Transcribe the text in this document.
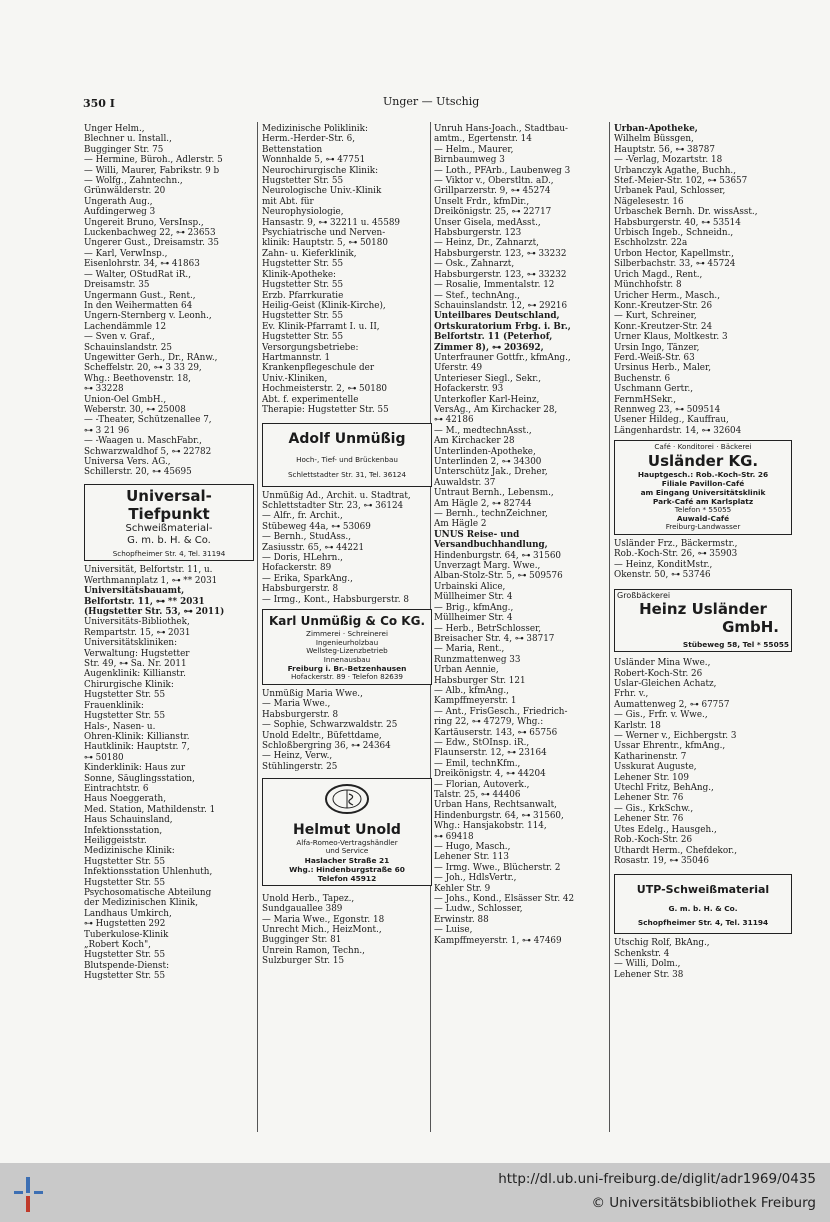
350 I	Unger — Utschig
Unger Helm.,
Blechner u. Install.,
Bugginger Str. 75
— Hermine, Büroh., Adlerstr. 5
— Willi, Maurer, Fabrikstr. 9 b
— Wolfg., Zahntechn.,
Grünwälderstr. 20
Ungerath Aug.,
Aufdingerweg 3
Ungereit Bruno, VersInsp.,
Luckenbachweg 22, ⊶ 23653
Ungerer Gust., Dreisamstr. 35
— Karl, VerwInsp.,
Eisenlohrstr. 34, ⊶ 41863
— Walter, OStudRat iR.,
Dreisamstr. 35
Ungermann Gust., Rent.,
In den Weihermatten 64
Ungern-Sternberg v. Leonh.,
Lachendämmle 12
— Sven v. Graf.,
Schauinslandstr. 25
Ungewitter Gerh., Dr., RAnw.,
Scheffelstr. 20, ⊶ 3 33 29,
Whg.: Beethovenstr. 18,
⊶ 33228
Union-Oel GmbH.,
Weberstr. 30, ⊶ 25008
— -Theater, Schützenallee 7,
⊶ 3 21 96
— -Waagen u. MaschFabr.,
Schwarzwaldhof 5, ⊶ 22782
Universa Vers. AG.,
Schillerstr. 20, ⊶ 45695
Universal-Tiefpunkt
Schweißmaterial-
G. m. b. H. & Co.
Schopfheimer Str. 4, Tel. 31194
Universität, Belfortstr. 11, u.
Werthmannplatz 1, ⊶ ** 2031
Universitätsbauamt,
Belfortstr. 11, ⊶ ** 2031
(Hugstetter Str. 53, ⊶ 2011)
Universitäts-Bibliothek,
Rempartstr. 15, ⊶ 2031
Universitätskliniken:
Verwaltung: Hugstetter
Str. 49, ⊶ Sa. Nr. 2011
Augenklinik: Killianstr.
Chirurgische Klinik:
Hugstetter Str. 55
Frauenklinik:
Hugstetter Str. 55
Hals-, Nasen- u.
Ohren-Klinik: Killianstr.
Hautklinik: Hauptstr. 7,
⊶ 50180
Kinderklinik: Haus zur
Sonne, Säuglingsstation,
Eintrachtstr. 6
Haus Noeggerath,
Med. Station, Mathildenstr. 1
Haus Schauinsland,
Infektionsstation,
Heiliggeiststr.
Medizinische Klinik:
Hugstetter Str. 55
Infektionsstation Uhlenhuth,
Hugstetter Str. 55
Psychosomatische Abteilung
der Medizinischen Klinik,
Landhaus Umkirch,
⊶ Hugstetten 292
Tuberkulose-Klinik
„Robert Koch",
Hugstetter Str. 55
Blutspende-Dienst:
Hugstetter Str. 55
Medizinische Poliklinik:
Herm.-Herder-Str. 6,
Bettenstation
Wonnhalde 5, ⊶ 47751
Neurochirurgische Klinik:
Hugstetter Str. 55
Neurologische Univ.-Klinik
mit Abt. für
Neurophysiologie,
Hansastr. 9, ⊶ 32211 u. 45589
Psychiatrische und Nerven-
klinik: Hauptstr. 5, ⊶ 50180
Zahn- u. Kieferklinik,
Hugstetter Str. 55
Klinik-Apotheke:
Hugstetter Str. 55
Erzb. Pfarrkuratie
Heilig-Geist (Klinik-Kirche),
Hugstetter Str. 55
Ev. Klinik-Pfarramt I. u. II,
Hugstetter Str. 55
Versorgungsbetriebe:
Hartmannstr. 1
Krankenpflegeschule der
Univ.-Kliniken,
Hochmeisterstr. 2, ⊶ 50180
Abt. f. experimentelle
Therapie: Hugstetter Str. 55
Adolf Unmüßig
Hoch-, Tief- und Brückenbau
Schlettstadter Str. 31, Tel. 36124
Unmüßig Ad., Archit. u. Stadtrat,
Schlettstadter Str. 23, ⊶ 36124
— Alfr., fr. Archit.,
Stübeweg 44a, ⊶ 53069
— Bernh., StudAss.,
Zasiusstr. 65, ⊶ 44221
— Doris, HLehrn.,
Hofackerstr. 89
— Erika, SparkAng.,
Habsburgerstr. 8
— Irmg., Kont., Habsburgerstr. 8
Karl Unmüßig & Co KG.
Zimmerei · Schreinerei
Ingenieurholzbau
Wellsteg-Lizenzbetrieb
Innenausbau
Freiburg i. Br.-Betzenhausen
Hofackerstr. 89 · Telefon 82639
Unmüßig Maria Wwe.,
— Maria Wwe.,
Habsburgerstr. 8
— Sophie, Schwarzwaldstr. 25
Unold Edeltr., Büfettdame,
Schloßbergring 36, ⊶ 24364
— Heinz, Verw.,
Stühlingerstr. 25
Helmut Unold
Alfa-Romeo-Vertragshändler
und Service
Haslacher Straße 21
Whg.: Hindenburgstraße 60
Telefon 45912
Unold Herb., Tapez.,
Sundgauallee 389
— Maria Wwe., Egonstr. 18
Unrecht Mich., HeizMont.,
Bugginger Str. 81
Unrein Ramon, Techn.,
Sulzburger Str. 15
Unruh Hans-Joach., Stadtbau-
amtm., Egertenstr. 14
— Helm., Maurer,
Birnbaumweg 3
— Loth., PFArb., Laubenweg 3
— Viktor v., Oberstltn. aD.,
Grillparzerstr. 9, ⊶ 45274
Unselt Frdr., kfmDir.,
Dreikönigstr. 25, ⊶ 22717
Unser Gisela, medAsst.,
Habsburgerstr. 123
— Heinz, Dr., Zahnarzt,
Habsburgerstr. 123, ⊶ 33232
— Osk., Zahnarzt,
Habsburgerstr. 123, ⊶ 33232
— Rosalie, Immentalstr. 12
— Stef., technAng.,
Schauinslandstr. 12, ⊶ 29216
Unteilbares Deutschland,
Ortskuratorium Frbg. i. Br.,
Belfortstr. 11 (Peterhof,
Zimmer 8), ⊶ 203692,
Unterfrauner Gottfr., kfmAng.,
Uferstr. 49
Unterieser Siegl., Sekr.,
Hofackerstr. 93
Unterkofler Karl-Heinz,
VersAg., Am Kirchacker 28,
⊶ 42186
— M., medtechnAsst.,
Am Kirchacker 28
Unterlinden-Apotheke,
Unterlinden 2, ⊶ 34300
Unterschütz Jak., Dreher,
Auwaldstr. 37
Untraut Bernh., Lebensm.,
Am Hägle 2, ⊶ 82744
— Bernh., technZeichner,
Am Hägle 2
UNUS Reise- und
Versandbuchhandlung,
Hindenburgstr. 64, ⊶ 31560
Unverzagt Marg. Wwe.,
Alban-Stolz-Str. 5, ⊶ 509576
Urbainski Alice,
Müllheimer Str. 4
— Brig., kfmAng.,
Müllheimer Str. 4
— Herb., BetrSchlosser,
Breisacher Str. 4, ⊶ 38717
— Maria, Rent.,
Runzmattenweg 33
Urban Aennie,
Habsburger Str. 121
— Alb., kfmAng.,
Kampffmeyerstr. 1
— Ant., FrisGesch., Friedrich-
ring 22, ⊶ 47279, Whg.:
Kartäuserstr. 143, ⊶ 65756
— Edw., StOInsp. iR.,
Flaunserstr. 12, ⊶ 23164
— Emil, technKfm.,
Dreikönigstr. 4, ⊶ 44204
— Florian, Autoverk.,
Talstr. 25, ⊶ 44406
Urban Hans, Rechtsanwalt,
Hindenburgstr. 64, ⊶ 31560,
Whg.: Hansjakobstr. 114,
⊶ 69418
— Hugo, Masch.,
Lehener Str. 113
— Irmg. Wwe., Blücherstr. 2
— Joh., HdlsVertr.,
Kehler Str. 9
— Johs., Kond., Elsässer Str. 42
— Ludw., Schlosser,
Erwinstr. 88
— Luise,
Kampffmeyerstr. 1, ⊶ 47469
Urban-Apotheke,
Wilhelm Büssgen,
Hauptstr. 56, ⊶ 38787
— -Verlag, Mozartstr. 18
Urbanczyk Agathe, Buchh.,
Stef.-Meier-Str. 102, ⊶ 53657
Urbanek Paul, Schlosser,
Nägelesestr. 16
Urbaschek Bernh. Dr. wissAsst.,
Habsburgerstr. 40, ⊶ 53514
Urbisch Ingeb., Schneidn.,
Eschholzstr. 22a
Urbon Hector, Kapellmstr.,
Silberbachstr. 33, ⊶ 45724
Urich Magd., Rent.,
Münchhofstr. 8
Uricher Herm., Masch.,
Konr.-Kreutzer-Str. 26
— Kurt, Schreiner,
Konr.-Kreutzer-Str. 24
Urner Klaus, Moltkestr. 3
Ursin Ingo, Tänzer,
Ferd.-Weiß-Str. 63
Ursinus Herb., Maler,
Buchenstr. 6
Uschmann Gertr.,
FernmHSekr.,
Rennweg 23, ⊶ 509514
Usener Hildeg., Kauffrau,
Längenhardstr. 14, ⊶ 32604
Café · Konditorei · Bäckerei
Usländer KG.
Hauptgesch.: Rob.-Koch-Str. 26
Filiale Pavillon-Café
am Eingang Universitätsklinik
Park-Café am Karlsplatz
Telefon * 55055
Auwald-Café
Freiburg-Landwasser
Usländer Frz., Bäckermstr.,
Rob.-Koch-Str. 26, ⊶ 35903
— Heinz, KonditMstr.,
Okenstr. 50, ⊶ 53746
Großbäckerei
Heinz Usländer
GmbH.
Stübeweg 58, Tel * 55055
Usländer Mina Wwe.,
Robert-Koch-Str. 26
Uslar-Gleichen Achatz,
Frhr. v.,
Aumattenweg 2, ⊶ 67757
— Gis., Frfr. v. Wwe.,
Karlstr. 18
— Werner v., Eichbergstr. 3
Ussar Ehrentr., kfmAng.,
Katharinenstr. 7
Usskurat Auguste,
Lehener Str. 109
Utechl Fritz, BehAng.,
Lehener Str. 76
— Gis., KrkSchw.,
Lehener Str. 76
Utes Edelg., Hausgeh.,
Rob.-Koch-Str. 26
Uthardt Herm., Chefdekor.,
Rosastr. 19, ⊶ 35046
UTP-Schweißmaterial
G. m. b. H. & Co.
Schopfheimer Str. 4, Tel. 31194
Utschig Rolf, BkAng.,
Schenkstr. 4
— Willi, Dolm.,
Lehener Str. 38
http://dl.ub.uni-freiburg.de/diglit/adr1969/0435
© Universitätsbibliothek Freiburg
